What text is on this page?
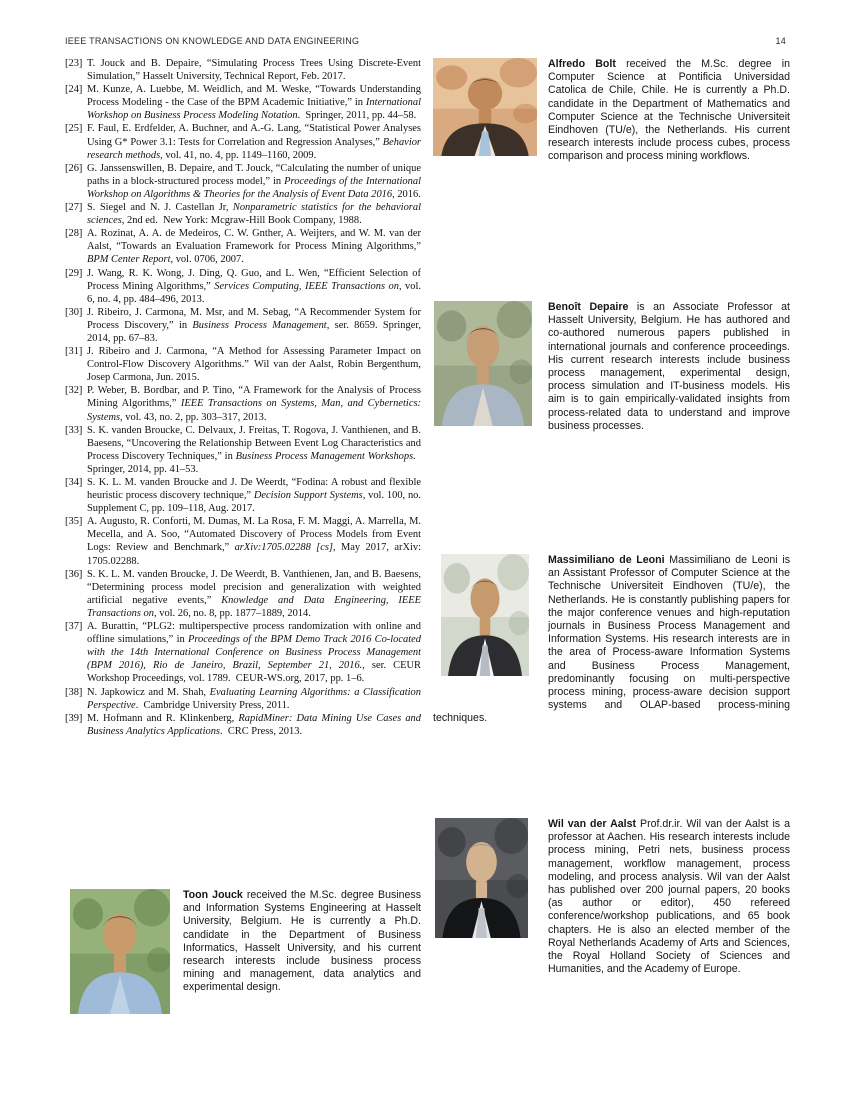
IEEE TRANSACTIONS ON KNOWLEDGE AND DATA ENGINEERING	14
[23] T. Jouck and B. Depaire, “Simulating Process Trees Using Discrete-Event Simulation,” Hasselt University, Technical Report, Feb. 2017.
[24] M. Kunze, A. Luebbe, M. Weidlich, and M. Weske, “Towards Understanding Process Modeling - the Case of the BPM Academic Initiative,” in International Workshop on Business Process Modeling Notation. Springer, 2011, pp. 44–58.
[25] F. Faul, E. Erdfelder, A. Buchner, and A.-G. Lang, “Statistical Power Analyses Using G* Power 3.1: Tests for Correlation and Regression Analyses,” Behavior research methods, vol. 41, no. 4, pp. 1149–1160, 2009.
[26] G. Janssenswillen, B. Depaire, and T. Jouck, “Calculating the number of unique paths in a block-structured process model,” in Proceedings of the International Workshop on Algorithms & Theories for the Analysis of Event Data 2016, 2016.
[27] S. Siegel and N. J. Castellan Jr, Nonparametric statistics for the behavioral sciences, 2nd ed. New York: Mcgraw-Hill Book Company, 1988.
[28] A. Rozinat, A. A. de Medeiros, C. W. Gnther, A. Weijters, and W. M. van der Aalst, “Towards an Evaluation Framework for Process Mining Algorithms,” BPM Center Report, vol. 0706, 2007.
[29] J. Wang, R. K. Wong, J. Ding, Q. Guo, and L. Wen, “Efficient Selection of Process Mining Algorithms,” Services Computing, IEEE Transactions on, vol. 6, no. 4, pp. 484–496, 2013.
[30] J. Ribeiro, J. Carmona, M. Msr, and M. Sebag, “A Recommender System for Process Discovery,” in Business Process Management, ser. 8659. Springer, 2014, pp. 67–83.
[31] J. Ribeiro and J. Carmona, “A Method for Assessing Parameter Impact on Control-Flow Discovery Algorithms.” Wil van der Aalst, Robin Bergenthum, Josep Carmona, Jun. 2015.
[32] P. Weber, B. Bordbar, and P. Tino, “A Framework for the Analysis of Process Mining Algorithms,” IEEE Transactions on Systems, Man, and Cybernetics: Systems, vol. 43, no. 2, pp. 303–317, 2013.
[33] S. K. vanden Broucke, C. Delvaux, J. Freitas, T. Rogova, J. Vanthienen, and B. Baesens, “Uncovering the Relationship Between Event Log Characteristics and Process Discovery Techniques,” in Business Process Management Workshops. Springer, 2014, pp. 41–53.
[34] S. K. L. M. vanden Broucke and J. De Weerdt, “Fodina: A robust and flexible heuristic process discovery technique,” Decision Support Systems, vol. 100, no. Supplement C, pp. 109–118, Aug. 2017.
[35] A. Augusto, R. Conforti, M. Dumas, M. La Rosa, F. M. Maggi, A. Marrella, M. Mecella, and A. Soo, “Automated Discovery of Process Models from Event Logs: Review and Benchmark,” arXiv:1705.02288 [cs], May 2017, arXiv: 1705.02288.
[36] S. K. L. M. vanden Broucke, J. De Weerdt, B. Vanthienen, Jan, and B. Baesens, “Determining process model precision and generalization with weighted artificial negative events,” Knowledge and Data Engineering, IEEE Transactions on, vol. 26, no. 8, pp. 1877–1889, 2014.
[37] A. Burattin, “PLG2: multiperspective process randomization with online and offline simulations,” in Proceedings of the BPM Demo Track 2016 Co-located with the 14th International Conference on Business Process Management (BPM 2016), Rio de Janeiro, Brazil, September 21, 2016., ser. CEUR Workshop Proceedings, vol. 1789. CEUR-WS.org, 2017, pp. 1–6.
[38] N. Japkowicz and M. Shah, Evaluating Learning Algorithms: a Classification Perspective. Cambridge University Press, 2011.
[39] M. Hofmann and R. Klinkenberg, RapidMiner: Data Mining Use Cases and Business Analytics Applications. CRC Press, 2013.

Toon Jouck received the M.Sc. degree Business and Information Systems Engineering at Hasselt University, Belgium. He is currently a Ph.D. candidate in the Department of Business Informatics, Hasselt University, and his current research interests include business process mining and management, data analytics and experimental design.

Alfredo Bolt received the M.Sc. degree in Computer Science at Pontificia Universidad Catolica de Chile, Chile. He is currently a Ph.D. candidate in the Department of Mathematics and Computer Science at the Technische Universiteit Eindhoven (TU/e), the Netherlands. His current research interests include process cubes, process comparison and process mining workflows.

Benoît Depaire is an Associate Professor at Hasselt University, Belgium. He has authored and co-authored numerous papers published in international journals and conference proceedings. His current research interests include business process management, experimental design, process simulation and IT-business models. His aim is to gain empirically-validated insights from process-related data to understand and improve business processes.

Massimiliano de Leoni Massimiliano de Leoni is an Assistant Professor of Computer Science at the Technische Universiteit Eindhoven (TU/e), the Netherlands. He is constantly publishing papers for the major conference venues and high-reputation journals in Business Process Management and Information Systems. His research interests are in the area of Process-aware Information Systems and Business Process Management, predominantly focusing on multi-perspective process mining, process-aware decision support systems and OLAP-based process-mining techniques.

Wil van der Aalst Prof.dr.ir. Wil van der Aalst is a professor at Aachen. His research interests include process mining, Petri nets, business process management, workflow management, process modeling, and process analysis. Wil van der Aalst has published over 200 journal papers, 20 books (as author or editor), 450 refereed conference/workshop publications, and 65 book chapters. He is also an elected member of the Royal Netherlands Academy of Arts and Sciences, the Royal Holland Society of Sciences and Humanities, and the Academy of Europe.
